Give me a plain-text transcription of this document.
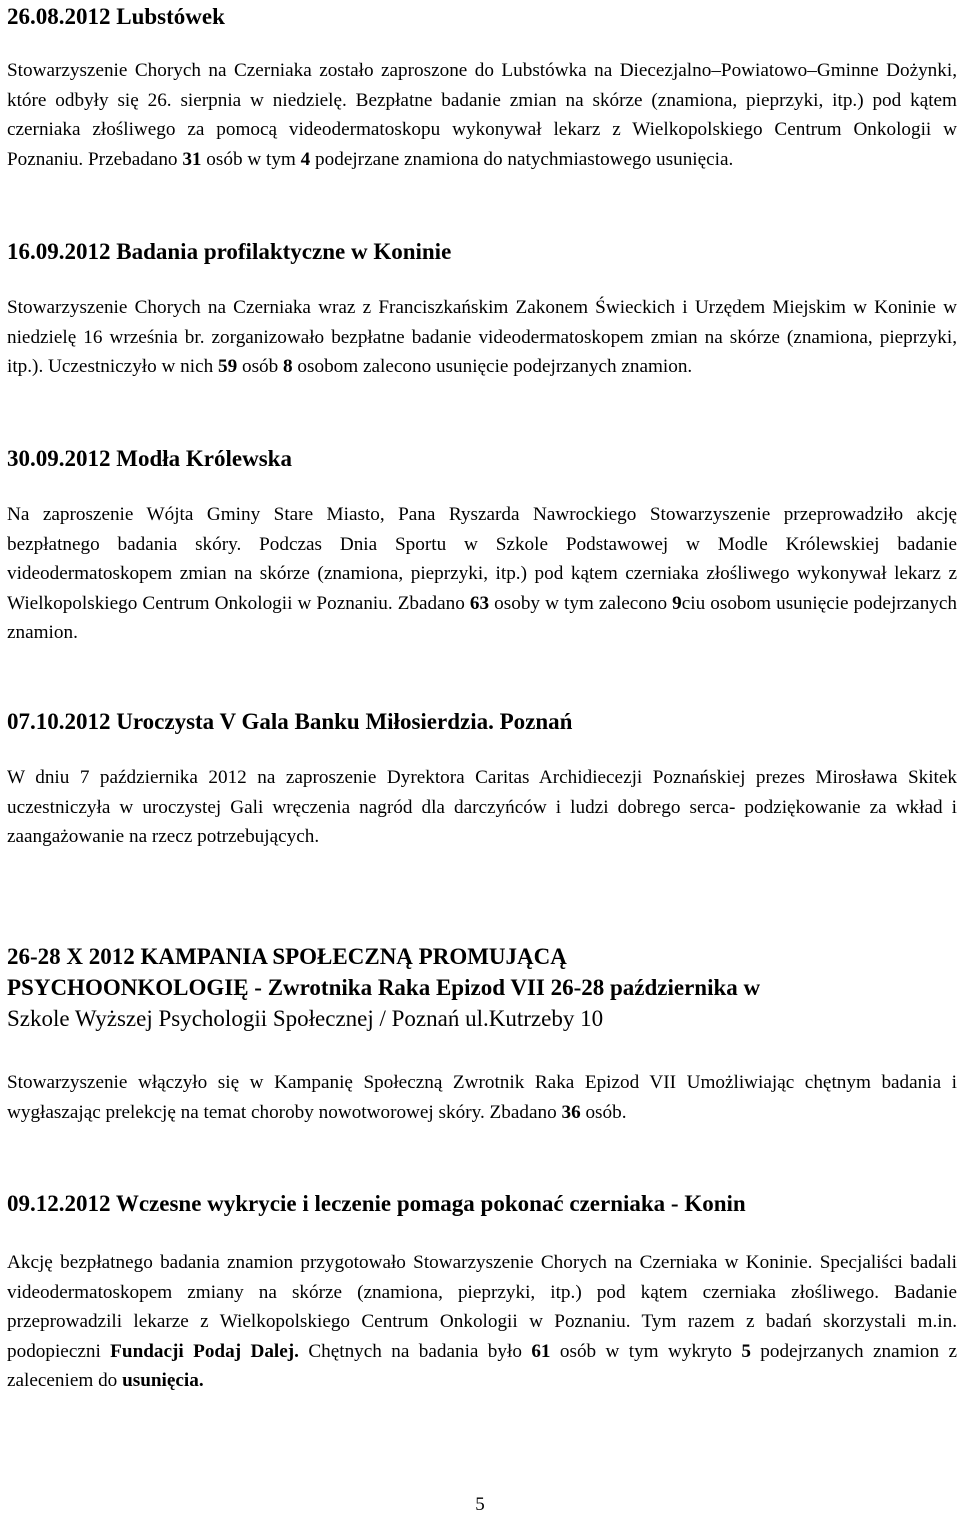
26.08.2012 Lubstówek
Stowarzyszenie Chorych na Czerniaka zostało zaproszone do Lubstówka na Diecezjalno–Powiatowo–Gminne Dożynki, które odbyły się 26. sierpnia w niedzielę. Bezpłatne badanie zmian na skórze (znamiona, pieprzyki, itp.) pod kątem czerniaka złośliwego za pomocą videodermatoskopu wykonywał lekarz z Wielkopolskiego Centrum Onkologii w Poznaniu. Przebadano 31 osób w tym 4 podejrzane znamiona do natychmiastowego usunięcia.
16.09.2012 Badania profilaktyczne w Koninie
Stowarzyszenie Chorych na Czerniaka wraz z Franciszkańskim Zakonem Świeckich i Urzędem Miejskim w Koninie w niedzielę 16 września br. zorganizowało bezpłatne badanie videodermatoskopem zmian na skórze (znamiona, pieprzyki, itp.). Uczestniczyło w nich 59 osób 8 osobom zalecono usunięcie podejrzanych znamion.
30.09.2012 Modła Królewska
Na zaproszenie Wójta Gminy Stare Miasto, Pana Ryszarda Nawrockiego Stowarzyszenie przeprowadziło akcję bezpłatnego badania skóry. Podczas Dnia Sportu w Szkole Podstawowej w Modle Królewskiej badanie videodermatoskopem zmian na skórze (znamiona, pieprzyki, itp.) pod kątem czerniaka złośliwego wykonywał lekarz z Wielkopolskiego Centrum Onkologii w Poznaniu. Zbadano 63 osoby w tym zalecono 9ciu osobom usunięcie podejrzanych znamion.
07.10.2012 Uroczysta V Gala Banku Miłosierdzia. Poznań
W dniu 7 października 2012 na zaproszenie Dyrektora Caritas Archidiecezji Poznańskiej prezes Mirosława Skitek uczestniczyła w uroczystej Gali wręczenia nagród dla darczyńców i ludzi dobrego serca- podziękowanie za wkład i zaangażowanie na rzecz potrzebujących.
26-28 X 2012 KAMPANIA SPOŁECZNĄ PROMUJĄCĄ
PSYCHOONKOLOGIĘ - Zwrotnika Raka Epizod VII 26-28 października w
Szkole Wyższej Psychologii Społecznej / Poznań ul.Kutrzeby 10
Stowarzyszenie włączyło się w Kampanię Społeczną Zwrotnik Raka Epizod VII Umożliwiając chętnym badania i wygłaszając prelekcję na temat choroby nowotworowej skóry. Zbadano 36 osób.
09.12.2012 Wczesne wykrycie i leczenie pomaga pokonać czerniaka - Konin
Akcję bezpłatnego badania znamion przygotowało Stowarzyszenie Chorych na Czerniaka w Koninie. Specjaliści badali videodermatoskopem zmiany na skórze (znamiona, pieprzyki, itp.) pod kątem czerniaka złośliwego. Badanie przeprowadzili lekarze z Wielkopolskiego Centrum Onkologii w Poznaniu. Tym razem z badań skorzystali m.in. podopieczni Fundacji Podaj Dalej. Chętnych na badania było 61 osób w tym wykryto 5 podejrzanych znamion z zaleceniem do usunięcia.
5
